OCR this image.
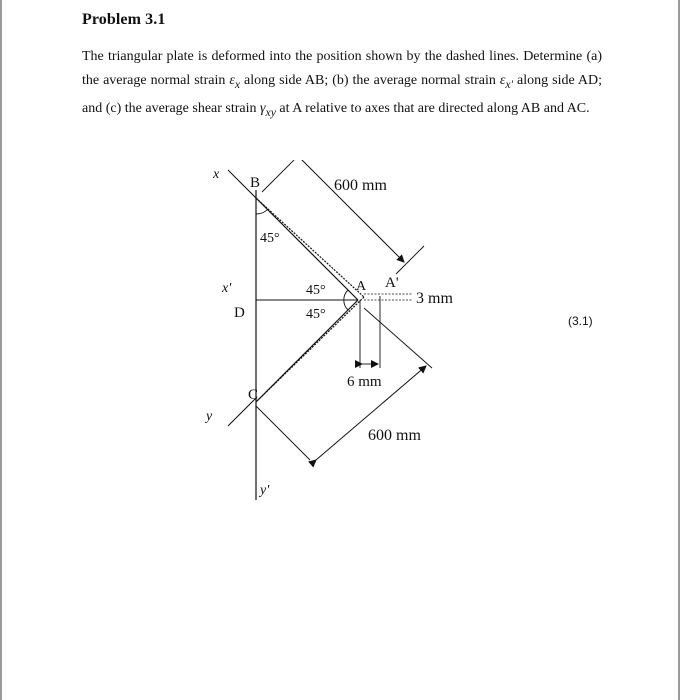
Problem 3.1
The triangular plate is deformed into the position shown by the dashed lines. Determine (a) the average normal strain $\varepsilon_x$ along side AB; (b) the average normal strain $\varepsilon_{x'}$ along side AD; and (c) the average shear strain $\gamma_{xy}$ at A relative to axes that are directed along AB and AC.
x
B
x'
D
C
y
y'
A A'
45°
45°
45°
600 mm
600 mm
6 mm
3 mm
(3.1)
